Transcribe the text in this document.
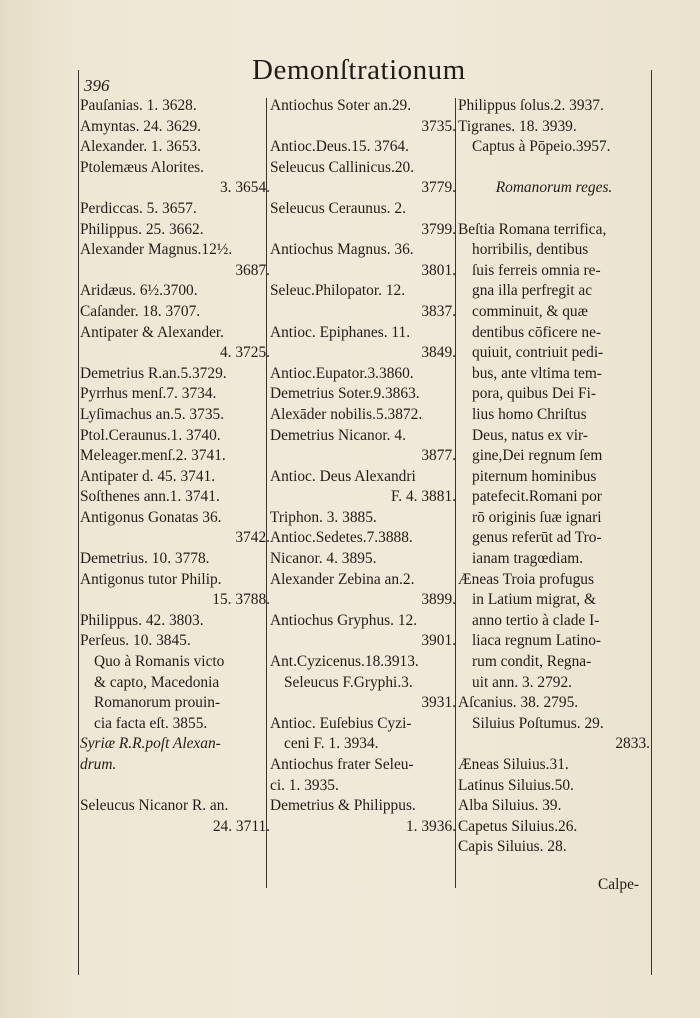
396	Demonſtrationum
Pauſanias. 1. 3628.
Amyntas. 24. 3629.
Alexander. 1. 3653.
Ptolemæus Alorites.
3. 3654.
Perdiccas. 5. 3657.
Philippus. 25. 3662.
Alexander Magnus.12½.
3687.
Aridæus. 6½.3700.
Caſander. 18. 3707.
Antipater & Alexander.
4. 3725.
Demetrius R.an.5.3729.
Pyrrhus menſ.7. 3734.
Lyſimachus an.5. 3735.
Ptol.Ceraunus.1. 3740.
Meleager.menſ.2. 3741.
Antipater d. 45. 3741.
Soſthenes ann.1. 3741.
Antigonus Gonatas 36.
3742.
Demetrius. 10. 3778.
Antigonus tutor Philip.
15. 3788.
Philippus. 42. 3803.
Perſeus. 10. 3845.
Quo à Romanis victo
& capto, Macedonia
Romanorum prouin-
cia facta eſt. 3855.
Syriæ R.R.poſt Alexan-
drum.
Seleucus Nicanor R. an.
24. 3711.
Antiochus Soter an.29.
3735.
Antioc.Deus.15. 3764.
Seleucus Callinicus.20.
3779.
Seleucus Ceraunus. 2.
3799.
Antiochus Magnus. 36.
3801.
Seleuc.Philopator. 12.
3837.
Antioc. Epiphanes. 11.
3849.
Antioc.Eupator.3.3860.
Demetrius Soter.9.3863.
Alexāder nobilis.5.3872.
Demetrius Nicanor. 4.
3877.
Antioc. Deus Alexandri
F. 4. 3881.
Triphon. 3. 3885.
Antioc.Sedetes.7.3888.
Nicanor. 4. 3895.
Alexander Zebina an.2.
3899.
Antiochus Gryphus. 12.
3901.
Ant.Cyzicenus.18.3913.
Seleucus F.Gryphi.3.
3931.
Antioc. Euſebius Cyzi-
ceni F. 1. 3934.
Antiochus frater Seleu-
ci. 1. 3935.
Demetrius & Philippus.
1. 3936.
Philippus ſolus.2. 3937.
Tigranes. 18. 3939.
Captus à Pōpeio.3957.
Romanorum reges.
Beſtia Romana terrifica,
horribilis, dentibus
ſuis ferreis omnia re-
gna illa perfregit ac
comminuit, & quæ
dentibus cōficere ne-
quiuit, contriuit pedi-
bus, ante vltima tem-
pora, quibus Dei Fi-
lius homo Chriſtus
Deus, natus ex vir-
gine,Dei regnum ſem
piternum hominibus
patefecit.Romani por
rō originis ſuæ ignari
genus referūt ad Tro-
ianam tragœdiam.
Æneas Troia profugus
in Latium migrat, &
anno tertio à clade I-
liaca regnum Latino-
rum condit, Regna-
uit ann. 3. 2792.
Aſcanius. 38. 2795.
Siluius Poſtumus. 29.
2833.
Æneas Siluius.31.
Latinus Siluius.50.
Alba Siluius. 39.
Capetus Siluius.26.
Capis Siluius. 28.
Calpe-
